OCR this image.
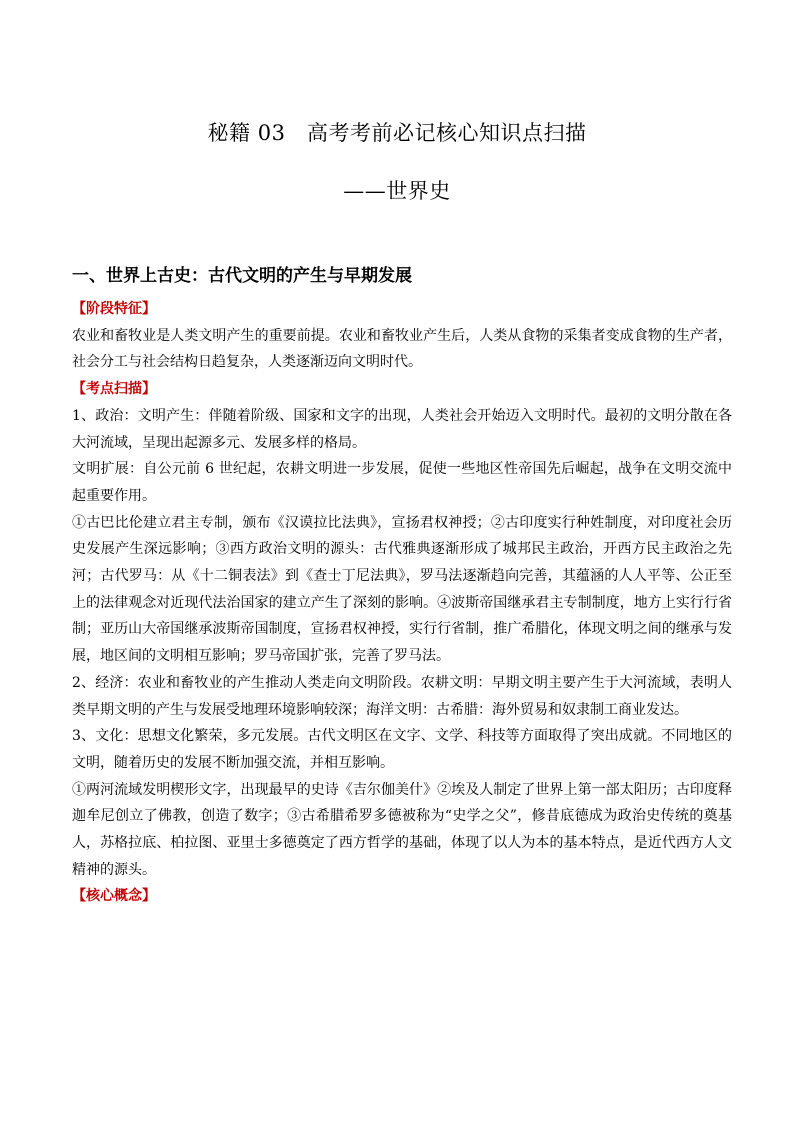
秘籍 03　高考考前必记核心知识点扫描
——世界史
一、世界上古史：古代文明的产生与早期发展

【阶段特征】

农业和畜牧业是人类文明产生的重要前提。农业和畜牧业产生后，人类从食物的采集者变成食物的生产者，社会分工与社会结构日趋复杂，人类逐渐迈向文明时代。

【考点扫描】

1、政治：文明产生：伴随着阶级、国家和文字的出现，人类社会开始迈入文明时代。最初的文明分散在各大河流域，呈现出起源多元、发展多样的格局。

文明扩展：自公元前 6 世纪起，农耕文明进一步发展，促使一些地区性帝国先后崛起，战争在文明交流中起重要作用。

①古巴比伦建立君主专制，颁布《汉谟拉比法典》，宣扬君权神授；②古印度实行种姓制度，对印度社会历史发展产生深远影响；③西方政治文明的源头：古代雅典逐渐形成了城邦民主政治，开西方民主政治之先河；古代罗马：从《十二铜表法》到《查士丁尼法典》，罗马法逐渐趋向完善，其蕴涵的人人平等、公正至上的法律观念对近现代法治国家的建立产生了深刻的影响。④波斯帝国继承君主专制制度，地方上实行行省制；亚历山大帝国继承波斯帝国制度，宣扬君权神授，实行行省制，推广希腊化，体现文明之间的继承与发展，地区间的文明相互影响；罗马帝国扩张，完善了罗马法。

2、经济：农业和畜牧业的产生推动人类走向文明阶段。农耕文明：早期文明主要产生于大河流域，表明人类早期文明的产生与发展受地理环境影响较深；海洋文明：古希腊：海外贸易和奴隶制工商业发达。

3、文化：思想文化繁荣，多元发展。古代文明区在文字、文学、科技等方面取得了突出成就。不同地区的文明，随着历史的发展不断加强交流，并相互影响。

①两河流域发明楔形文字，出现最早的史诗《吉尔伽美什》②埃及人制定了世界上第一部太阳历；古印度释迦牟尼创立了佛教，创造了数字；③古希腊希罗多德被称为“史学之父”，修昔底德成为政治史传统的奠基人，苏格拉底、柏拉图、亚里士多德奠定了西方哲学的基础，体现了以人为本的基本特点，是近代西方人文精神的源头。

【核心概念】
